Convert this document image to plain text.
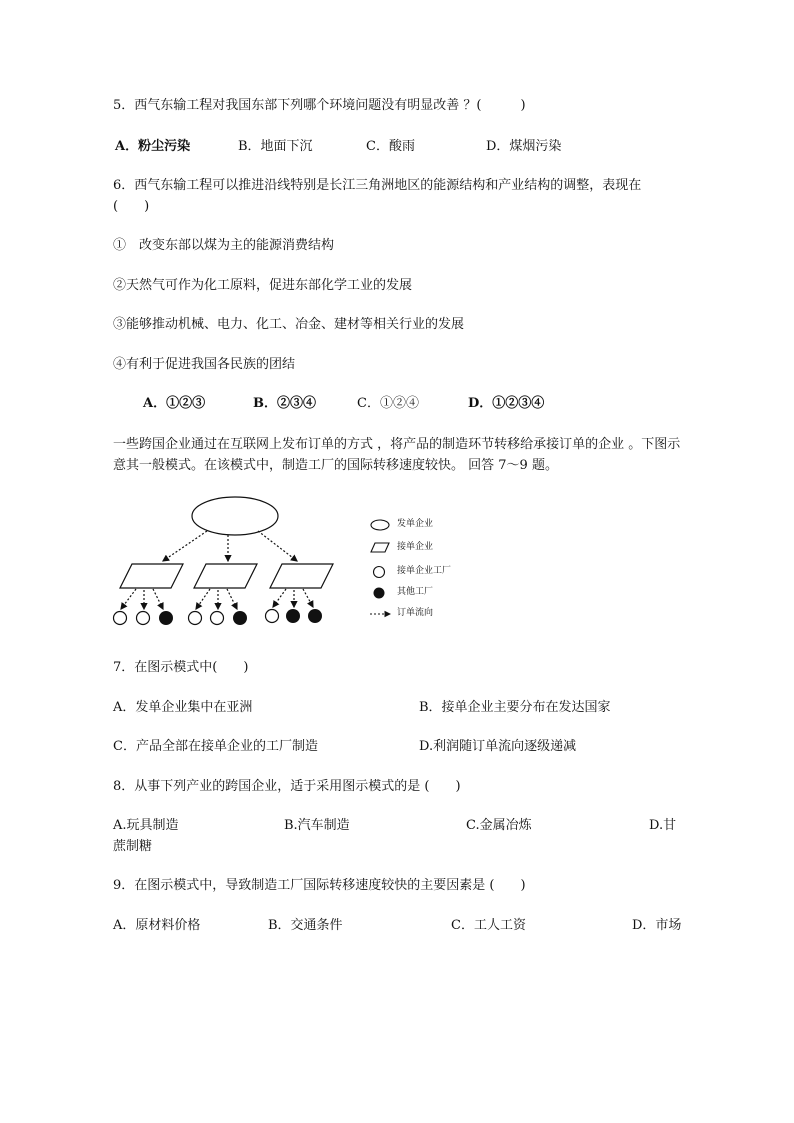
5．西气东输工程对我国东部下列哪个环境问题没有明显改善 ？(　　　)
A．粉尘污染	B．地面下沉	C．酸雨	D．煤烟污染
6．西气东输工程可以推进沿线特别是长江三角洲地区的能源结构和产业结构的调整，表现在
(　　)
①　改变东部以煤为主的能源消费结构
②天然气可作为化工原料，促进东部化学工业的发展
③能够推动机械、电力、化工、冶金、建材等相关行业的发展
④有利于促进我国各民族的团结
A．①②③	B．②③④	C．①②④	D．①②③④
一些跨国企业通过在互联网上发布订单的方式 ，将产品的制造环节转移给承接订单的企业 。下图示
意其一般模式。在该模式中，制造工厂的国际转移速度较快。 回答 7～9 题。
发单企业
接单企业
接单企业工厂
其他工厂
订单流向
7．在图示模式中(　　)
A．发单企业集中在亚洲	B．接单企业主要分布在发达国家
C．产品全部在接单企业的工厂制造	D.利润随订单流向逐级递减
8．从事下列产业的跨国企业，适于采用图示模式的是 (　　)
A.玩具制造	B.汽车制造	C.金属冶炼	D.甘
蔗制糖
9．在图示模式中，导致制造工厂国际转移速度较快的主要因素是 (　　)
A．原材料价格	B．交通条件	C．工人工资	D．市场
